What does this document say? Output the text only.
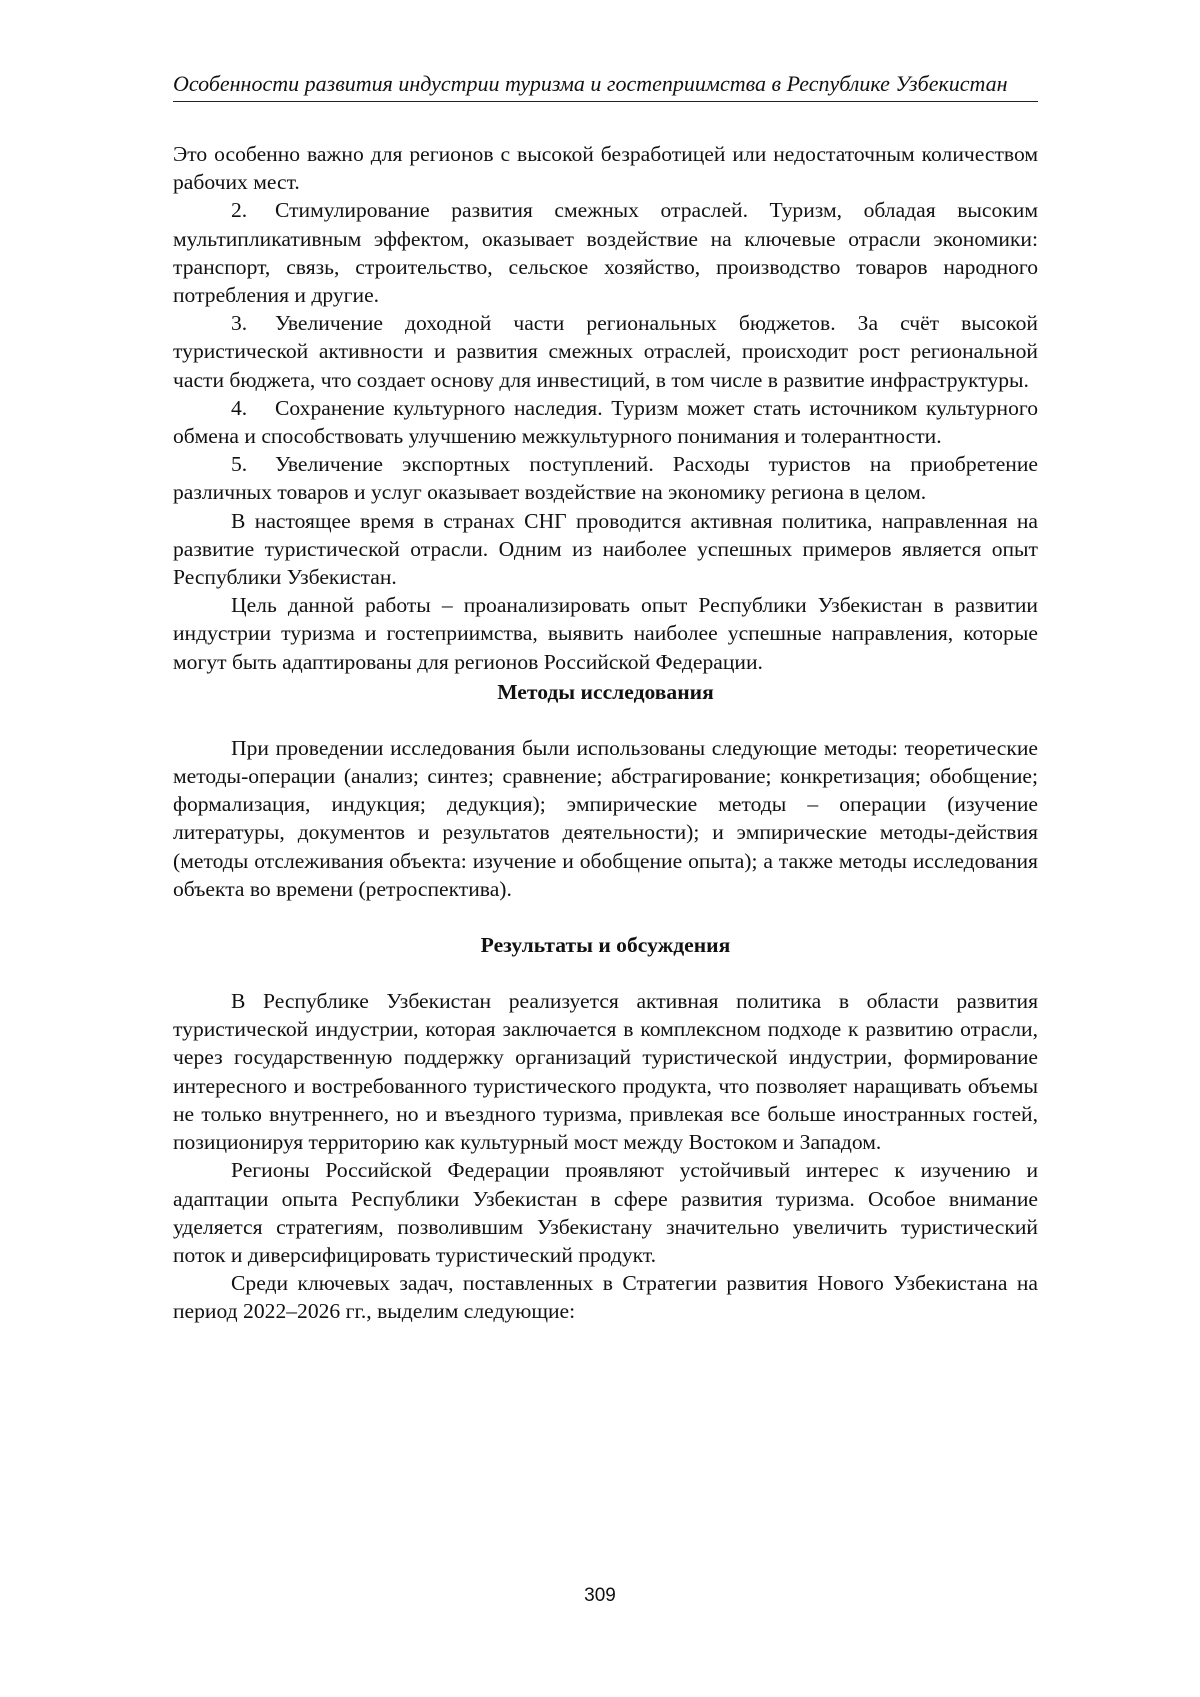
Особенности развития индустрии туризма и гостеприимства в Республике Узбекистан

Это особенно важно для регионов с высокой безработицей или недостаточным количеством рабочих мест.

2. Стимулирование развития смежных отраслей. Туризм, обладая высоким мультипликативным эффектом, оказывает воздействие на ключевые отрасли экономики: транспорт, связь, строительство, сельское хозяйство, производство товаров народного потребления и другие.

3. Увеличение доходной части региональных бюджетов. За счёт высокой туристической активности и развития смежных отраслей, происходит рост региональной части бюджета, что создает основу для инвестиций, в том числе в развитие инфраструктуры.

4. Сохранение культурного наследия. Туризм может стать источником культурного обмена и способствовать улучшению межкультурного понимания и толерантности.

5. Увеличение экспортных поступлений. Расходы туристов на приобретение различных товаров и услуг оказывает воздействие на экономику региона в целом.

В настоящее время в странах СНГ проводится активная политика, направленная на развитие туристической отрасли. Одним из наиболее успешных примеров является опыт Республики Узбекистан.

Цель данной работы – проанализировать опыт Республики Узбекистан в развитии индустрии туризма и гостеприимства, выявить наиболее успешные направления, которые могут быть адаптированы для регионов Российской Федерации.

Методы исследования

При проведении исследования были использованы следующие методы: теоретические методы-операции (анализ; синтез; сравнение; абстрагирование; конкретизация; обобщение; формализация, индукция; дедукция); эмпирические методы – операции (изучение литературы, документов и результатов деятельности); и эмпирические методы-действия (методы отслеживания объекта: изучение и обобщение опыта); а также методы исследования объекта во времени (ретроспектива).

Результаты и обсуждения

В Республике Узбекистан реализуется активная политика в области развития туристической индустрии, которая заключается в комплексном подходе к развитию отрасли, через государственную поддержку организаций туристической индустрии, формирование интересного и востребованного туристического продукта, что позволяет наращивать объемы не только внутреннего, но и въездного туризма, привлекая все больше иностранных гостей, позиционируя территорию как культурный мост между Востоком и Западом.

Регионы Российской Федерации проявляют устойчивый интерес к изучению и адаптации опыта Республики Узбекистан в сфере развития туризма. Особое внимание уделяется стратегиям, позволившим Узбекистану значительно увеличить туристический поток и диверсифицировать туристический продукт.

Среди ключевых задач, поставленных в Стратегии развития Нового Узбекистана на период 2022–2026 гг., выделим следующие:

309
